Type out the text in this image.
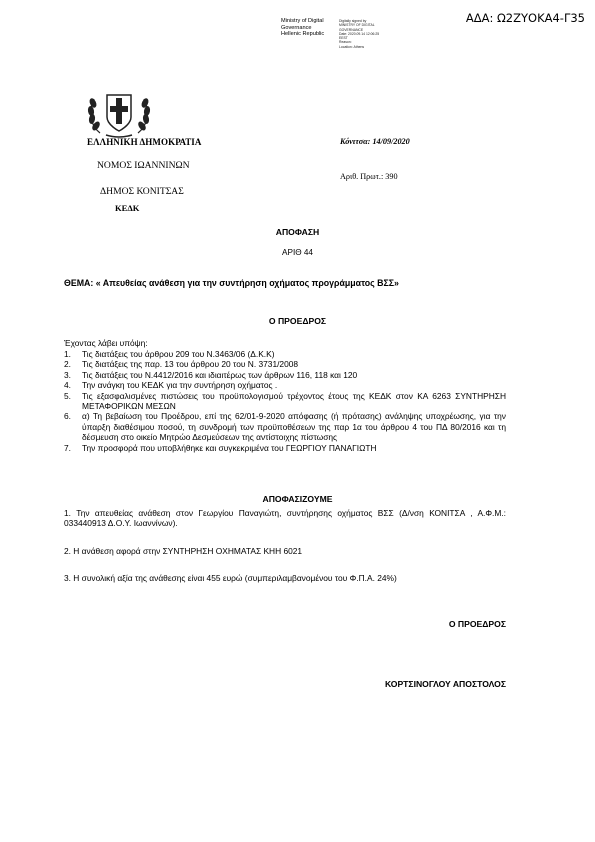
ΑΔΑ: Ω2ΖΥΟΚΑ4-Γ35
Ministry of Digital
Governance
Hellenic Republic
Digitally signed by
MINISTRY OF DIGITAL
GOVERNANCE
Date: 2020.09.14 12:06:25
EEST
Reason:
Location: Athens
ΕΛΛΗΝΙΚΗ ΔΗΜΟΚΡΑΤΙΑ
ΝΟΜΟΣ ΙΩΑΝΝΙΝΩΝ
ΔΗΜΟΣ ΚΟΝΙΤΣΑΣ
ΚΕΔΚ
Κόνιτσα: 14/09/2020
Αριθ. Πρωτ.: 390
ΑΠΟΦΑΣΗ
ΑΡΙΘ 44
ΘΕΜΑ: « Απευθείας ανάθεση για την συντήρηση οχήματος προγράμματος ΒΣΣ»
Ο ΠΡΟΕΔΡΟΣ
Έχοντας λάβει υπόψη:
1. Τις διατάξεις του άρθρου 209 του Ν.3463/06 (Δ.Κ.Κ)
2. Τις διατάξεις της παρ. 13 του άρθρου 20 του Ν. 3731/2008
3. Τις διατάξεις του Ν.4412/2016 και ιδιαιτέρως των άρθρων 116, 118 και 120
4. Την ανάγκη του ΚΕΔΚ για την συντήρηση οχήματος .
5. Τις εξασφαλισμένες πιστώσεις του προϋπολογισμού τρέχοντος έτους της ΚΕΔΚ στον ΚΑ 6263 ΣΥΝΤΗΡΗΣΗ ΜΕΤΑΦΟΡΙΚΩΝ ΜΕΣΩΝ
6. α) Τη βεβαίωση του Προέδρου, επί της 62/01-9-2020 απόφασης (ή πρότασης) ανάληψης υποχρέωσης, για την ύπαρξη διαθέσιμου ποσού, τη συνδρομή των προϋποθέσεων της παρ 1α του άρθρου 4 του ΠΔ 80/2016 και τη δέσμευση στο οικείο Μητρώο Δεσμεύσεων της αντίστοιχης πίστωσης
7. Την προσφορά που υποβλήθηκε και συγκεκριμένα του ΓΕΩΡΓΙΟΥ ΠΑΝΑΓΙΩΤΗ
ΑΠΟΦΑΣΙΖΟΥΜΕ
1. Την απευθείας ανάθεση στον Γεωργίου Παναγιώτη, συντήρησης οχήματος ΒΣΣ (Δ/νση ΚΟΝΙΤΣΑ , Α.Φ.Μ.: 033440913 Δ.Ο.Υ. Ιωαννίνων).
2. Η ανάθεση αφορά στην ΣΥΝΤΗΡΗΣΗ ΟΧΗΜΑΤΑΣ ΚΗΗ 6021
3. Η συνολική αξία της ανάθεσης είναι 455 ευρώ (συμπεριλαμβανομένου του Φ.Π.Α. 24%)
Ο ΠΡΟΕΔΡΟΣ
ΚΟΡΤΣΙΝΟΓΛΟΥ ΑΠΟΣΤΟΛΟΣ
